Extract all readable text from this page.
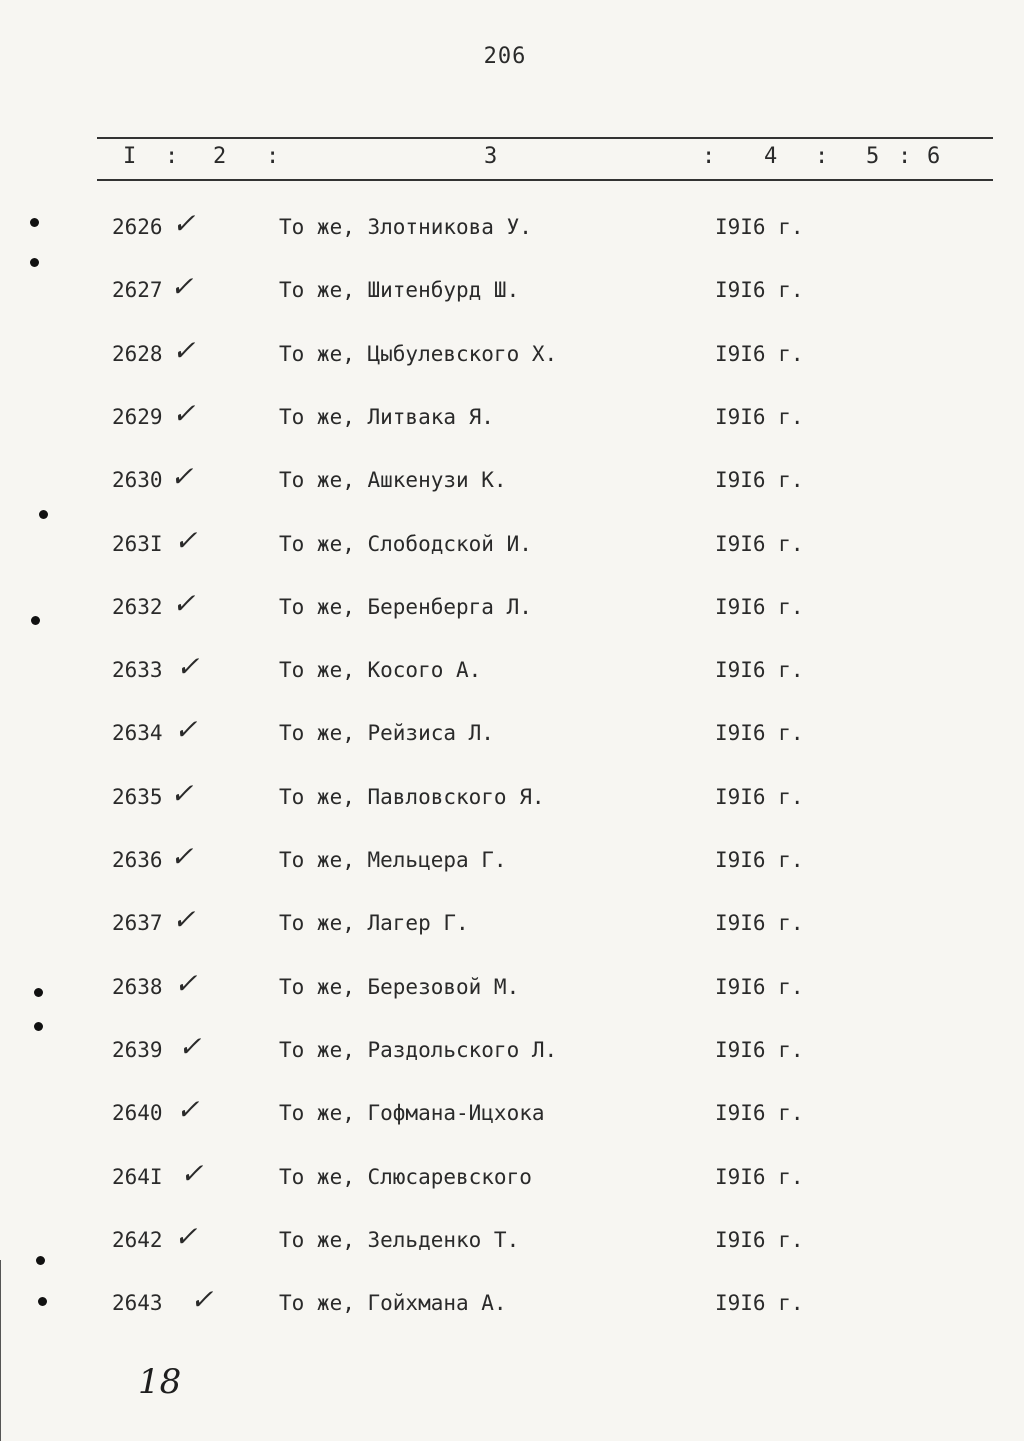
206
I : 2 :	3	: 4 : 5 : 6
2626 ✓	То же, Злотникова У.	I9I6 г.
2627 ✓	То же, Шитенбурд Ш.	I9I6 г.
2628 ✓	То же, Цыбулевского Х.	I9I6 г.
2629 ✓	То же, Литвака Я.	I9I6 г.
2630 ✓	То же, Ашкенузи К.	I9I6 г.
263I ✓	То же, Слободской И.	I9I6 г.
2632 ✓	То же, Беренберга Л.	I9I6 г.
2633 ✓	То же, Косого А.	I9I6 г.
2634 ✓	То же, Рейзиса Л.	I9I6 г.
2635 ✓	То же, Павловского Я.	I9I6 г.
2636 ✓	То же, Мельцера Г.	I9I6 г.
2637 ✓	То же, Лагер Г.	I9I6 г.
2638 ✓	То же, Березовой М.	I9I6 г.
2639 ✓	То же, Раздольского Л.	I9I6 г.
2640 ✓	То же, Гофмана-Ицхока	I9I6 г.
264I ✓	То же, Слюсаревского	I9I6 г.
2642 ✓	То же, Зельденко Т.	I9I6 г.
2643 ✓	То же, Гойхмана А.	I9I6 г.
18
